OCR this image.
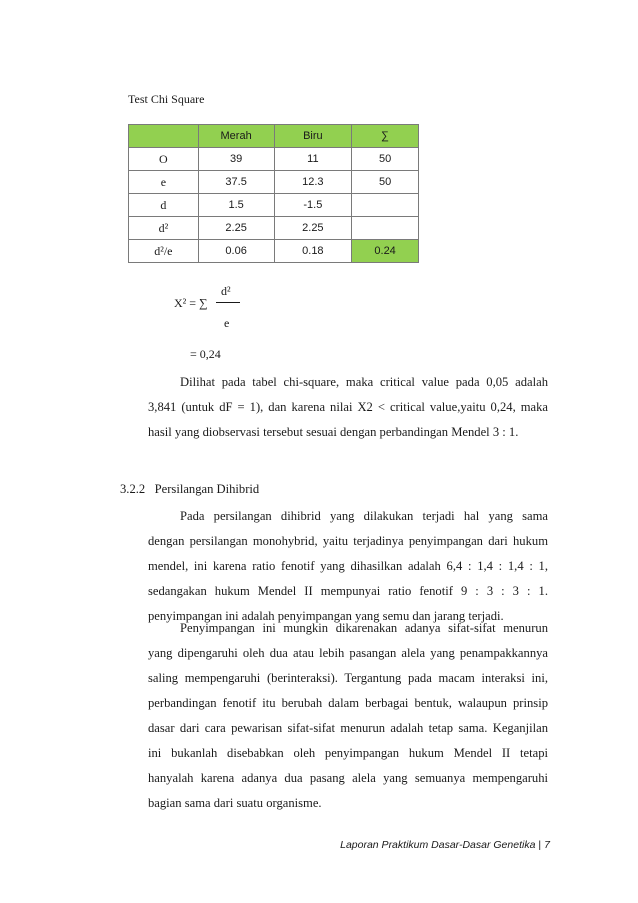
Test Chi Square
	Merah	Biru	∑
O	39	11	50
e	37.5	12.3	50
d	1.5	-1.5	
d²	2.25	2.25	
d²/e	0.06	0.18	0.24
X² = ∑
d²
e
= 0,24
Dilihat pada tabel chi-square, maka critical value pada 0,05 adalah
3,841 (untuk dF = 1), dan karena nilai X2 < critical value,yaitu 0,24, maka
hasil yang diobservasi tersebut sesuai dengan perbandingan Mendel 3 : 1.
3.2.2   Persilangan Dihibrid
Pada persilangan dihibrid yang dilakukan terjadi hal yang sama
dengan persilangan monohybrid, yaitu terjadinya penyimpangan dari hukum
mendel, ini karena ratio fenotif yang dihasilkan adalah 6,4 : 1,4 : 1,4 : 1,
sedangakan hukum Mendel II mempunyai ratio fenotif 9 : 3 : 3 : 1.
penyimpangan ini adalah penyimpangan yang semu dan jarang terjadi.
Penyimpangan ini mungkin dikarenakan adanya sifat-sifat menurun
yang dipengaruhi oleh dua atau lebih pasangan alela yang penampakkannya
saling mempengaruhi (berinteraksi). Tergantung pada macam interaksi ini,
perbandingan fenotif itu berubah dalam berbagai bentuk, walaupun prinsip
dasar dari cara pewarisan sifat-sifat menurun adalah tetap sama. Keganjilan
ini bukanlah disebabkan oleh penyimpangan hukum Mendel II tetapi
hanyalah karena adanya dua pasang alela yang semuanya mempengaruhi
bagian sama dari suatu organisme.
Laporan Praktikum Dasar-Dasar Genetika | 7
